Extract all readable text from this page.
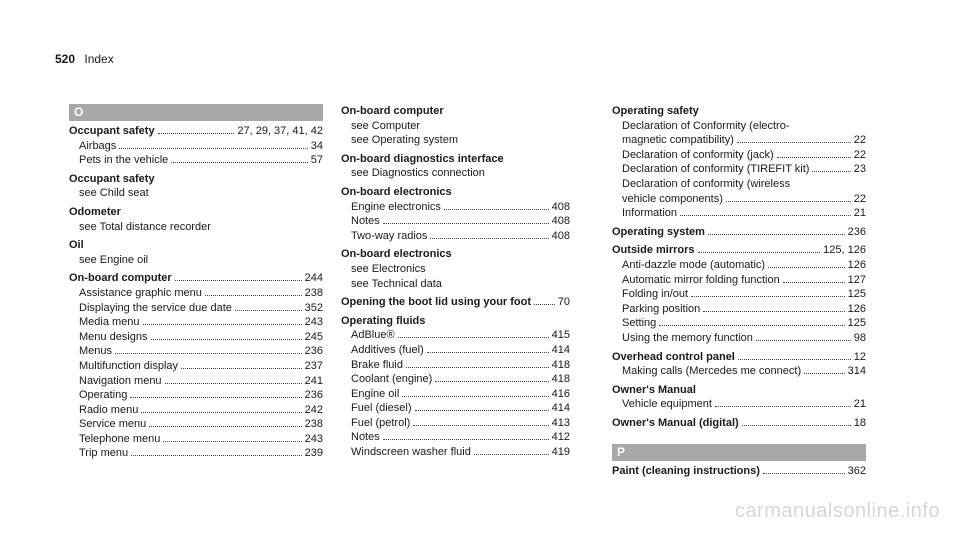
520 Index
O
Occupant safety	27, 29, 37, 41, 42
Airbags	34
Pets in the vehicle	57
Occupant safety
see Child seat
Odometer
see Total distance recorder
Oil
see Engine oil
On-board computer	244
Assistance graphic menu	238
Displaying the service due date	352
Media menu	243
Menu designs	245
Menus	236
Multifunction display	237
Navigation menu	241
Operating	236
Radio menu	242
Service menu	238
Telephone menu	243
Trip menu	239
On-board computer
see Computer
see Operating system
On-board diagnostics interface
see Diagnostics connection
On-board electronics
Engine electronics	408
Notes	408
Two-way radios	408
On-board electronics
see Electronics
see Technical data
Opening the boot lid using your foot 70
Operating fluids
AdBlue®	415
Additives (fuel)	414
Brake fluid	418
Coolant (engine)	418
Engine oil	416
Fuel (diesel)	414
Fuel (petrol)	413
Notes	412
Windscreen washer fluid	419
Operating safety
Declaration of Conformity (electro-
magnetic compatibility)	22
Declaration of conformity (jack)	22
Declaration of conformity (TIREFIT kit)	23
Declaration of conformity (wireless
vehicle components)	22
Information	21
Operating system	236
Outside mirrors	125, 126
Anti-dazzle mode (automatic)	126
Automatic mirror folding function	127
Folding in/out	125
Parking position	126
Setting	125
Using the memory function	98
Overhead control panel	12
Making calls (Mercedes me connect)	314
Owner's Manual
Vehicle equipment	21
Owner's Manual (digital)	18
P
Paint (cleaning instructions)	362
carmanualsonline.info
